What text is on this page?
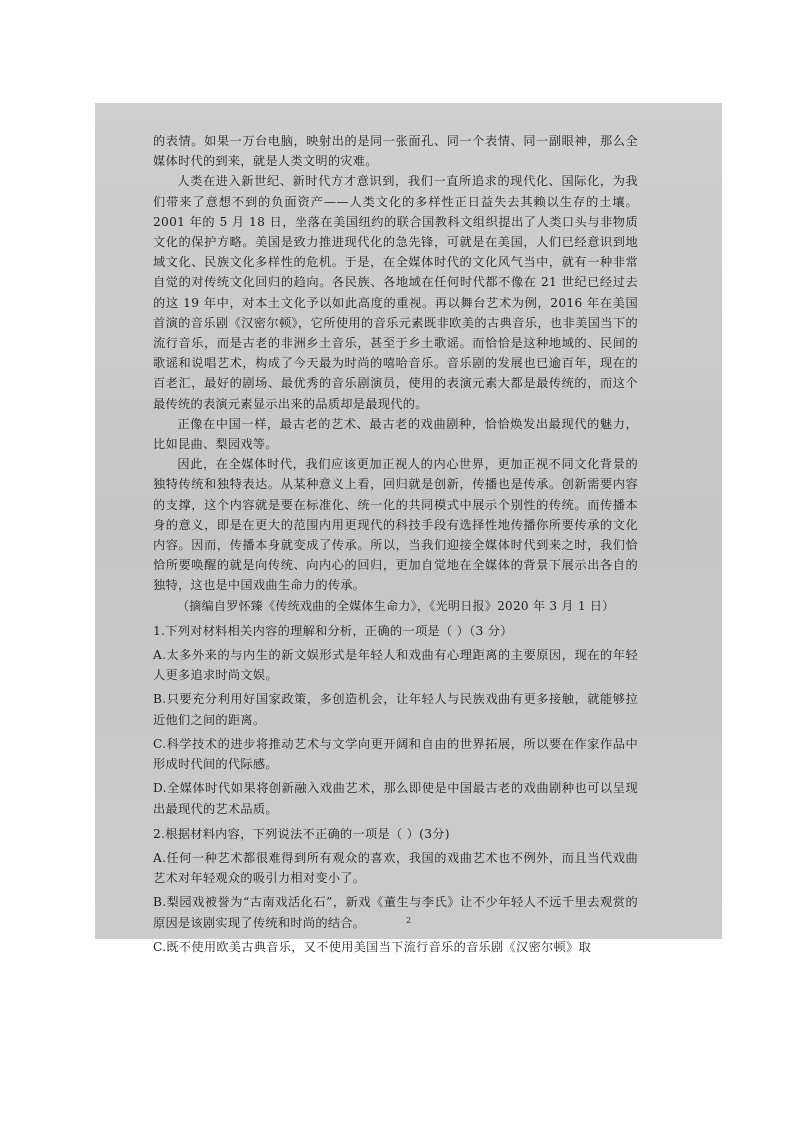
的表情。如果一万台电脑，映射出的是同一张面孔、同一个表情、同一副眼神，那么全媒体时代的到来，就是人类文明的灾难。

人类在进入新世纪、新时代方才意识到，我们一直所追求的现代化、国际化，为我们带来了意想不到的负面资产——人类文化的多样性正日益失去其赖以生存的土壤。2001 年的 5 月 18 日，坐落在美国纽约的联合国教科文组织提出了人类口头与非物质文化的保护方略。美国是致力推进现代化的急先锋，可就是在美国，人们已经意识到地域文化、民族文化多样性的危机。于是，在全媒体时代的文化风气当中，就有一种非常自觉的对传统文化回归的趋向。各民族、各地域在任何时代都不像在 21 世纪已经过去的这 19 年中，对本土文化予以如此高度的重视。再以舞台艺术为例，2016 年在美国首演的音乐剧《汉密尔顿》，它所使用的音乐元素既非欧美的古典音乐，也非美国当下的流行音乐，而是古老的非洲乡土音乐，甚至于乡土歌谣。而恰恰是这种地域的、民间的歌谣和说唱艺术，构成了今天最为时尚的嘻哈音乐。音乐剧的发展也已逾百年，现在的百老汇，最好的剧场、最优秀的音乐剧演员，使用的表演元素大都是最传统的，而这个最传统的表演元素显示出来的品质却是最现代的。

正像在中国一样，最古老的艺术、最古老的戏曲剧种，恰恰焕发出最现代的魅力，比如昆曲、梨园戏等。

因此，在全媒体时代，我们应该更加正视人的内心世界，更加正视不同文化背景的独特传统和独特表达。从某种意义上看，回归就是创新，传播也是传承。创新需要内容的支撑，这个内容就是要在标准化、统一化的共同模式中展示个别性的传统。而传播本身的意义，即是在更大的范围内用更现代的科技手段有选择性地传播你所要传承的文化内容。因而，传播本身就变成了传承。所以，当我们迎接全媒体时代到来之时，我们恰恰所要唤醒的就是向传统、向内心的回归，更加自觉地在全媒体的背景下展示出各自的独特，这也是中国戏曲生命力的传承。

（摘编自罗怀臻《传统戏曲的全媒体生命力》，《光明日报》2020 年 3 月 1 日）

1.下列对材料相关内容的理解和分析，正确的一项是（ ）（3 分）

A.太多外来的与内生的新文娱形式是年轻人和戏曲有心理距离的主要原因，现在的年轻人更多追求时尚文娱。

B.只要充分利用好国家政策，多创造机会，让年轻人与民族戏曲有更多接触，就能够拉近他们之间的距离。

C.科学技术的进步将推动艺术与文学向更开阔和自由的世界拓展，所以要在作家作品中形成时代间的代际感。

D.全媒体时代如果将创新融入戏曲艺术，那么即使是中国最古老的戏曲剧种也可以呈现出最现代的艺术品质。

2.根据材料内容，下列说法不正确的一项是（ ）(3分)

A.任何一种艺术都很难得到所有观众的喜欢，我国的戏曲艺术也不例外，而且当代戏曲艺术对年轻观众的吸引力相对变小了。

B.梨园戏被誉为“古南戏活化石”，新戏《董生与李氏》让不少年轻人不远千里去观赏的原因是该剧实现了传统和时尚的结合。

C.既不使用欧美古典音乐，又不使用美国当下流行音乐的音乐剧《汉密尔顿》取

2
